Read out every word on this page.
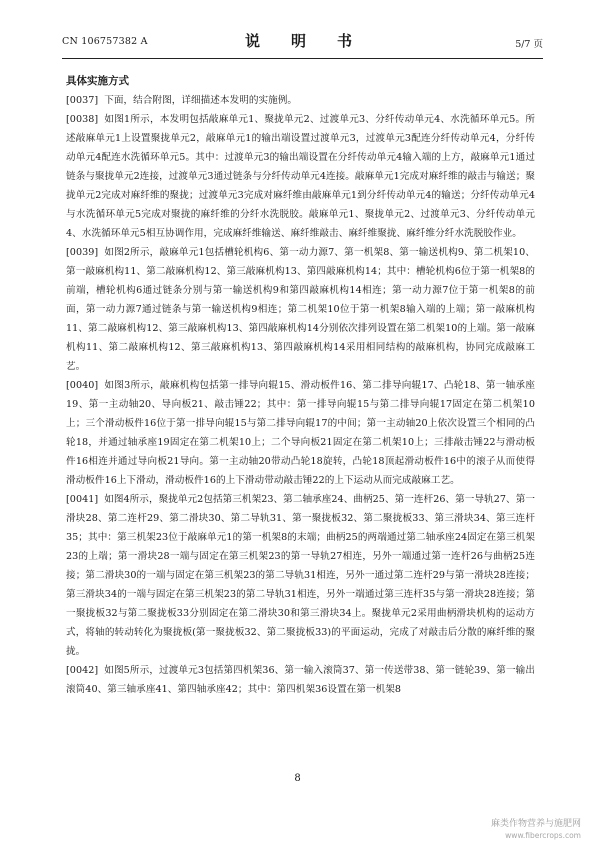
CN 106757382 A	说　明　书	5/7 页

具体实施方式

[0037] 下面，结合附图，详细描述本发明的实施例。

[0038] 如图1所示，本发明包括敲麻单元1、聚拢单元2、过渡单元3、分纤传动单元4、水洗循环单元5。所述敲麻单元1上设置聚拢单元2，敲麻单元1的输出端设置过渡单元3，过渡单元3配连分纤传动单元4，分纤传动单元4配连水洗循环单元5。其中：过渡单元3的输出端设置在分纤传动单元4输入端的上方，敲麻单元1通过链条与聚拢单元2连接，过渡单元3通过链条与分纤传动单元4连接。敲麻单元1完成对麻纤维的敲击与输送；聚拢单元2完成对麻纤维的聚拢；过渡单元3完成对麻纤维由敲麻单元1到分纤传动单元4的输送；分纤传动单元4与水洗循环单元5完成对聚拢的麻纤维的分纤水洗脱胶。敲麻单元1、聚拢单元2、过渡单元3、分纤传动单元4、水洗循环单元5相互协调作用，完成麻纤维输送、麻纤维敲击、麻纤维聚拢、麻纤维分纤水洗脱胶作业。

[0039] 如图2所示，敲麻单元1包括槽轮机构6、第一动力源7、第一机架8、第一输送机构9、第二机架10、第一敲麻机构11、第二敲麻机构12、第三敲麻机构13、第四敲麻机构14；其中：槽轮机构6位于第一机架8的前端，槽轮机构6通过链条分别与第一输送机构9和第四敲麻机构14相连；第一动力源7位于第一机架8的前面，第一动力源7通过链条与第一输送机构9相连；第二机架10位于第一机架8输入端的上端；第一敲麻机构11、第二敲麻机构12、第三敲麻机构13、第四敲麻机构14分别依次排列设置在第二机架10的上端。第一敲麻机构11、第二敲麻机构12、第三敲麻机构13、第四敲麻机构14采用相同结构的敲麻机构，协同完成敲麻工艺。

[0040] 如图3所示，敲麻机构包括第一排导向辊15、滑动板件16、第二排导向辊17、凸轮18、第一轴承座19、第一主动轴20、导向板21、敲击锤22；其中：第一排导向辊15与第二排导向辊17固定在第二机架10上；三个滑动板件16位于第一排导向辊15与第二排导向辊17的中间；第一主动轴20上依次设置三个相同的凸轮18，并通过轴承座19固定在第二机架10上；二个导向板21固定在第二机架10上；三排敲击锤22与滑动板件16相连并通过导向板21导向。第一主动轴20带动凸轮18旋转，凸轮18顶起滑动板件16中的滚子从而使得滑动板件16上下滑动，滑动板件16的上下滑动带动敲击锤22的上下运动从而完成敲麻工艺。

[0041] 如图4所示，聚拢单元2包括第三机架23、第二轴承座24、曲柄25、第一连杆26、第一导轨27、第一滑块28、第二连杆29、第二滑块30、第二导轨31、第一聚拢板32、第二聚拢板33、第三滑块34、第三连杆35；其中：第三机架23位于敲麻单元1的第一机架8的末端；曲柄25的两端通过第二轴承座24固定在第三机架23的上端；第一滑块28一端与固定在第三机架23的第一导轨27相连，另外一端通过第一连杆26与曲柄25连接；第二滑块30的一端与固定在第三机架23的第二导轨31相连，另外一通过第二连杆29与第一滑块28连接；第三滑块34的一端与固定在第三机架23的第二导轨31相连，另外一端通过第三连杆35与第一滑块28连接；第一聚拢板32与第二聚拢板33分别固定在第二滑块30和第三滑块34上。聚拢单元2采用曲柄滑块机构的运动方式，将轴的转动转化为聚拢板(第一聚拢板32、第二聚拢板33)的平面运动，完成了对敲击后分散的麻纤维的聚拢。

[0042] 如图5所示，过渡单元3包括第四机架36、第一输入滚筒37、第一传送带38、第一链轮39、第一输出滚筒40、第三轴承座41、第四轴承座42；其中：第四机架36设置在第一机架8

8
麻类作物营养与施肥网
www.fibercrops.com
